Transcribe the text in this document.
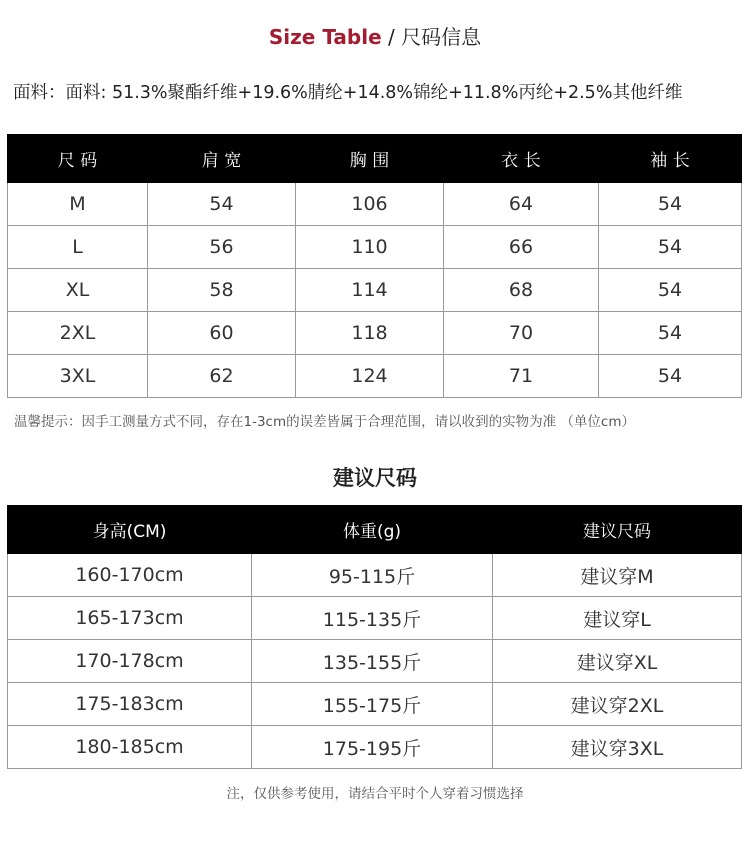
Size Table / 尺码信息
面料：面料: 51.3%聚酯纤维+19.6%腈纶+14.8%锦纶+11.8%丙纶+2.5%其他纤维
尺 码	肩 宽	胸 围	衣 长	袖 长
M	54	106	64	54
L	56	110	66	54
XL	58	114	68	54
2XL	60	118	70	54
3XL	62	124	71	54
温馨提示：因手工测量方式不同，存在1-3cm的误差皆属于合理范围，请以收到的实物为准 （单位cm）
建议尺码
身高(CM)	体重(g)	建议尺码
160-170cm	95-115斤	建议穿M
165-173cm	115-135斤	建议穿L
170-178cm	135-155斤	建议穿XL
175-183cm	155-175斤	建议穿2XL
180-185cm	175-195斤	建议穿3XL
注，仅供参考使用，请结合平时个人穿着习惯选择
